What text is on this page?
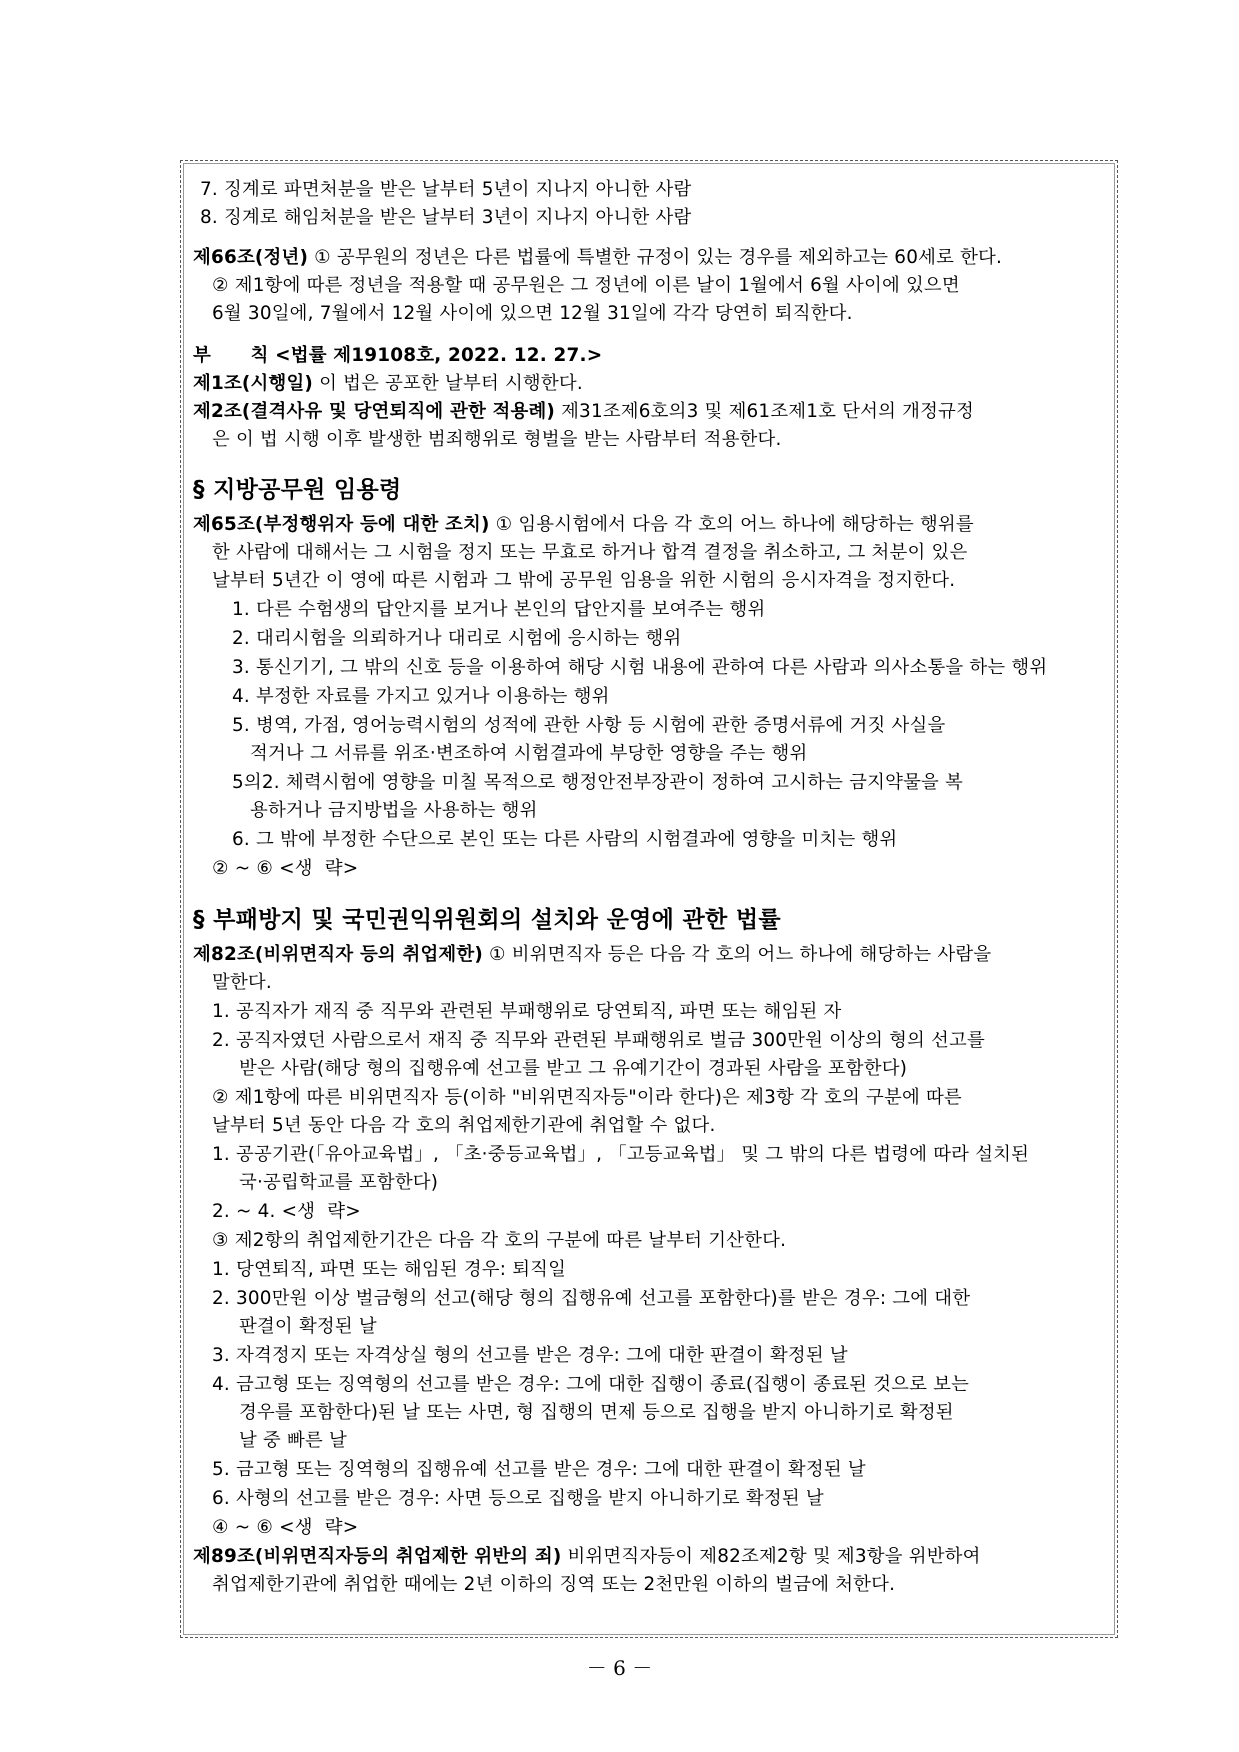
7. 징계로 파면처분을 받은 날부터 5년이 지나지 아니한 사람
8. 징계로 해임처분을 받은 날부터 3년이 지나지 아니한 사람
제66조(정년) ① 공무원의 정년은 다른 법률에 특별한 규정이 있는 경우를 제외하고는 60세로 한다.
② 제1항에 따른 정년을 적용할 때 공무원은 그 정년에 이른 날이 1월에서 6월 사이에 있으면
6월 30일에, 7월에서 12월 사이에 있으면 12월 31일에 각각 당연히 퇴직한다.
부      칙 <법률 제19108호, 2022. 12. 27.>
제1조(시행일) 이 법은 공포한 날부터 시행한다.
제2조(결격사유 및 당연퇴직에 관한 적용례) 제31조제6호의3 및 제61조제1호 단서의 개정규정
은 이 법 시행 이후 발생한 범죄행위로 형벌을 받는 사람부터 적용한다.
§ 지방공무원 임용령
제65조(부정행위자 등에 대한 조치) ① 임용시험에서 다음 각 호의 어느 하나에 해당하는 행위를
한 사람에 대해서는 그 시험을 정지 또는 무효로 하거나 합격 결정을 취소하고, 그 처분이 있은
날부터 5년간 이 영에 따른 시험과 그 밖에 공무원 임용을 위한 시험의 응시자격을 정지한다.
1. 다른 수험생의 답안지를 보거나 본인의 답안지를 보여주는 행위
2. 대리시험을 의뢰하거나 대리로 시험에 응시하는 행위
3. 통신기기, 그 밖의 신호 등을 이용하여 해당 시험 내용에 관하여 다른 사람과 의사소통을 하는 행위
4. 부정한 자료를 가지고 있거나 이용하는 행위
5. 병역, 가점, 영어능력시험의 성적에 관한 사항 등 시험에 관한 증명서류에 거짓 사실을
적거나 그 서류를 위조·변조하여 시험결과에 부당한 영향을 주는 행위
5의2. 체력시험에 영향을 미칠 목적으로 행정안전부장관이 정하여 고시하는 금지약물을 복
용하거나 금지방법을 사용하는 행위
6. 그 밖에 부정한 수단으로 본인 또는 다른 사람의 시험결과에 영향을 미치는 행위
② ~ ⑥ <생  략>
§ 부패방지 및 국민권익위원회의 설치와 운영에 관한 법률
제82조(비위면직자 등의 취업제한) ① 비위면직자 등은 다음 각 호의 어느 하나에 해당하는 사람을
말한다.
1. 공직자가 재직 중 직무와 관련된 부패행위로 당연퇴직, 파면 또는 해임된 자
2. 공직자였던 사람으로서 재직 중 직무와 관련된 부패행위로 벌금 300만원 이상의 형의 선고를
받은 사람(해당 형의 집행유예 선고를 받고 그 유예기간이 경과된 사람을 포함한다)
② 제1항에 따른 비위면직자 등(이하 "비위면직자등"이라 한다)은 제3항 각 호의 구분에 따른
날부터 5년 동안 다음 각 호의 취업제한기관에 취업할 수 없다.
1. 공공기관(「유아교육법」, 「초·중등교육법」, 「고등교육법」 및 그 밖의 다른 법령에 따라 설치된
국·공립학교를 포함한다)
2. ~ 4. <생  략>
③ 제2항의 취업제한기간은 다음 각 호의 구분에 따른 날부터 기산한다.
1. 당연퇴직, 파면 또는 해임된 경우: 퇴직일
2. 300만원 이상 벌금형의 선고(해당 형의 집행유예 선고를 포함한다)를 받은 경우: 그에 대한
판결이 확정된 날
3. 자격정지 또는 자격상실 형의 선고를 받은 경우: 그에 대한 판결이 확정된 날
4. 금고형 또는 징역형의 선고를 받은 경우: 그에 대한 집행이 종료(집행이 종료된 것으로 보는
경우를 포함한다)된 날 또는 사면, 형 집행의 면제 등으로 집행을 받지 아니하기로 확정된
날 중 빠른 날
5. 금고형 또는 징역형의 집행유예 선고를 받은 경우: 그에 대한 판결이 확정된 날
6. 사형의 선고를 받은 경우: 사면 등으로 집행을 받지 아니하기로 확정된 날
④ ~ ⑥ <생  략>
제89조(비위면직자등의 취업제한 위반의 죄) 비위면직자등이 제82조제2항 및 제3항을 위반하여
취업제한기관에 취업한 때에는 2년 이하의 징역 또는 2천만원 이하의 벌금에 처한다.
－ 6 －
